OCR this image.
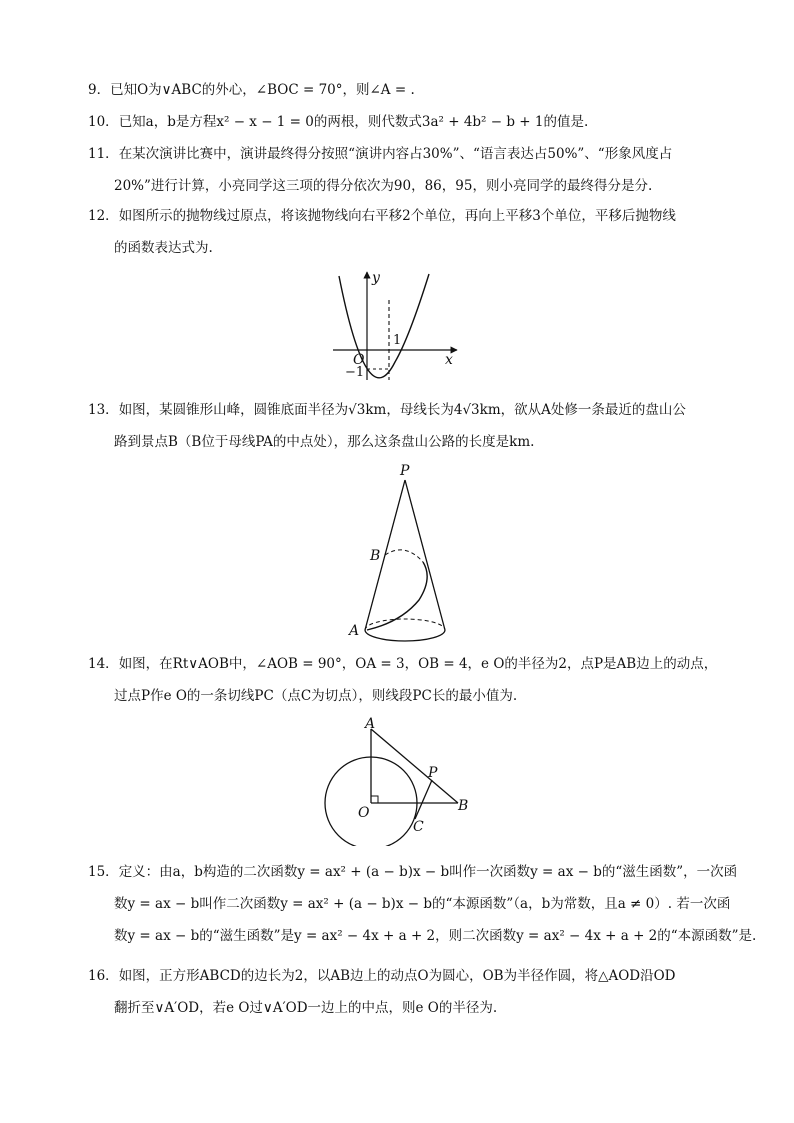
9．已知O为∨ABC的外心，∠BOC = 70°，则∠A = .
10．已知a，b是方程x² − x − 1 = 0的两根，则代数式3a² + 4b² − b + 1的值是.
11．在某次演讲比赛中，演讲最终得分按照“演讲内容占30%”、“语言表达占50%”、“形象风度占
20%”进行计算，小亮同学这三项的得分依次为90，86，95，则小亮同学的最终得分是分.
12．如图所示的抛物线过原点，将该抛物线向右平移2个单位，再向上平移3个单位，平移后抛物线
的函数表达式为.
y
x
O
1
−1
13．如图，某圆锥形山峰，圆锥底面半径为√3km，母线长为4√3km，欲从A处修一条最近的盘山公
路到景点B（B位于母线PA的中点处），那么这条盘山公路的长度是km.
P
B
A
14．如图，在Rt∨AOB中，∠AOB = 90°，OA = 3，OB = 4，e O的半径为2，点P是AB边上的动点，
过点P作e O的一条切线PC（点C为切点），则线段PC长的最小值为.
A
O	B
P
C
15．定义：由a，b构造的二次函数y = ax² + (a − b)x − b叫作一次函数y = ax − b的“滋生函数”，一次函
数y = ax − b叫作二次函数y = ax² + (a − b)x − b的“本源函数”（a，b为常数，且a ≠ 0）. 若一次函
数y = ax − b的“滋生函数”是y = ax² − 4x + a + 2，则二次函数y = ax² − 4x + a + 2的“本源函数”是.
16．如图，正方形ABCD的边长为2，以AB边上的动点O为圆心，OB为半径作圆，将△AOD沿OD
翻折至∨A′OD，若e O过∨A′OD一边上的中点，则e O的半径为.
